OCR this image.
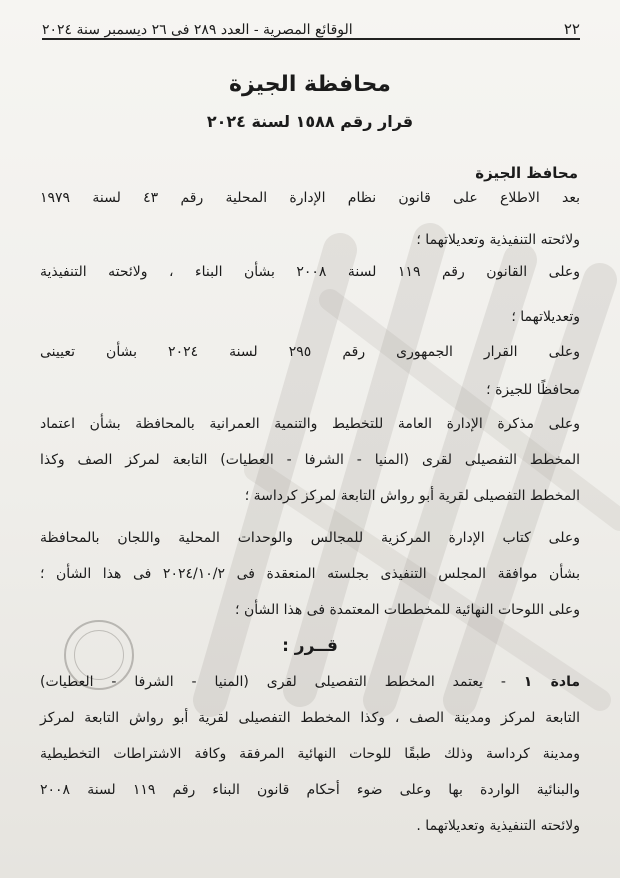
٢٢
الوقائع المصرية - العدد ٢٨٩ فى ٢٦ ديسمبر سنة ٢٠٢٤
محافظة الجيزة
قرار رقم ١٥٨٨ لسنة ٢٠٢٤
محافظ الجيزة
بعد الاطلاع على قانون نظام الإدارة المحلية رقم ٤٣ لسنة ١٩٧٩
ولائحته التنفيذية وتعديلاتهما ؛
وعلى القانون رقم ١١٩ لسنة ٢٠٠٨ بشأن البناء ، ولائحته التنفيذية
وتعديلاتهما ؛
وعلى القرار الجمهورى رقم ٢٩٥ لسنة ٢٠٢٤ بشأن تعيينى
محافظًا للجيزة ؛
وعلى مذكرة الإدارة العامة للتخطيط والتنمية العمرانية بالمحافظة بشأن اعتماد
المخطط التفصيلى لقرى (المنيا - الشرفا - العطيات) التابعة لمركز الصف وكذا
المخطط التفصيلى لقرية أبو رواش التابعة لمركز كرداسة ؛
وعلى كتاب الإدارة المركزية للمجالس والوحدات المحلية واللجان بالمحافظة
بشأن موافقة المجلس التنفيذى بجلسته المنعقدة فى ٢٠٢٤/١٠/٢ فى هذا الشأن ؛
وعلى اللوحات النهائية للمخططات المعتمدة فى هذا الشأن ؛
قــرر :
مادة ١ - يعتمد المخطط التفصيلى لقرى (المنيا - الشرفا - العطيات)
التابعة لمركز ومدينة الصف ، وكذا المخطط التفصيلى لقرية أبو رواش التابعة لمركز
ومدينة كرداسة وذلك طبقًا للوحات النهائية المرفقة وكافة الاشتراطات التخطيطية
والبنائية الواردة بها وعلى ضوء أحكام قانون البناء رقم ١١٩ لسنة ٢٠٠٨
ولائحته التنفيذية وتعديلاتهما .
